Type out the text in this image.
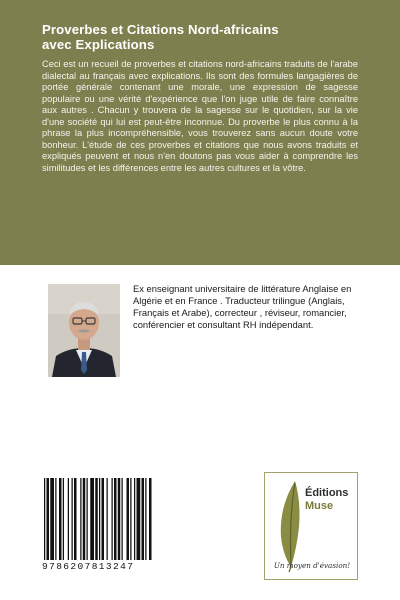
Proverbes et Citations Nord-africains
avec Explications

Ceci est un recueil de proverbes et citations nord-africains traduits de l'arabe dialectal au français avec explications. Ils sont des formules langagières de portée générale contenant une morale, une expression de sagesse populaire ou une vérité d'expérience que l'on juge utile de faire connaître aux autres . Chacun y trouvera de la sagesse sur le quotidien, sur la vie d'une société qui lui est peut-être inconnue. Du proverbe le plus connu à la phrase la plus incompréhensible, vous trouverez sans aucun doute votre bonheur. L'étude de ces proverbes et citations que nous avons traduits et expliqués peuvent et nous n'en doutons pas vous aider à comprendre les similitudes et les différences entre les autres cultures et la vôtre.

Ex enseignant universitaire de littérature Anglaise en Algérie et en France . Traducteur trilingue (Anglais, Français et Arabe), correcteur , réviseur, romancier, conférencier et consultant RH indépendant.

9786207813247
Éditions
Muse
Un moyen d'évasion!
